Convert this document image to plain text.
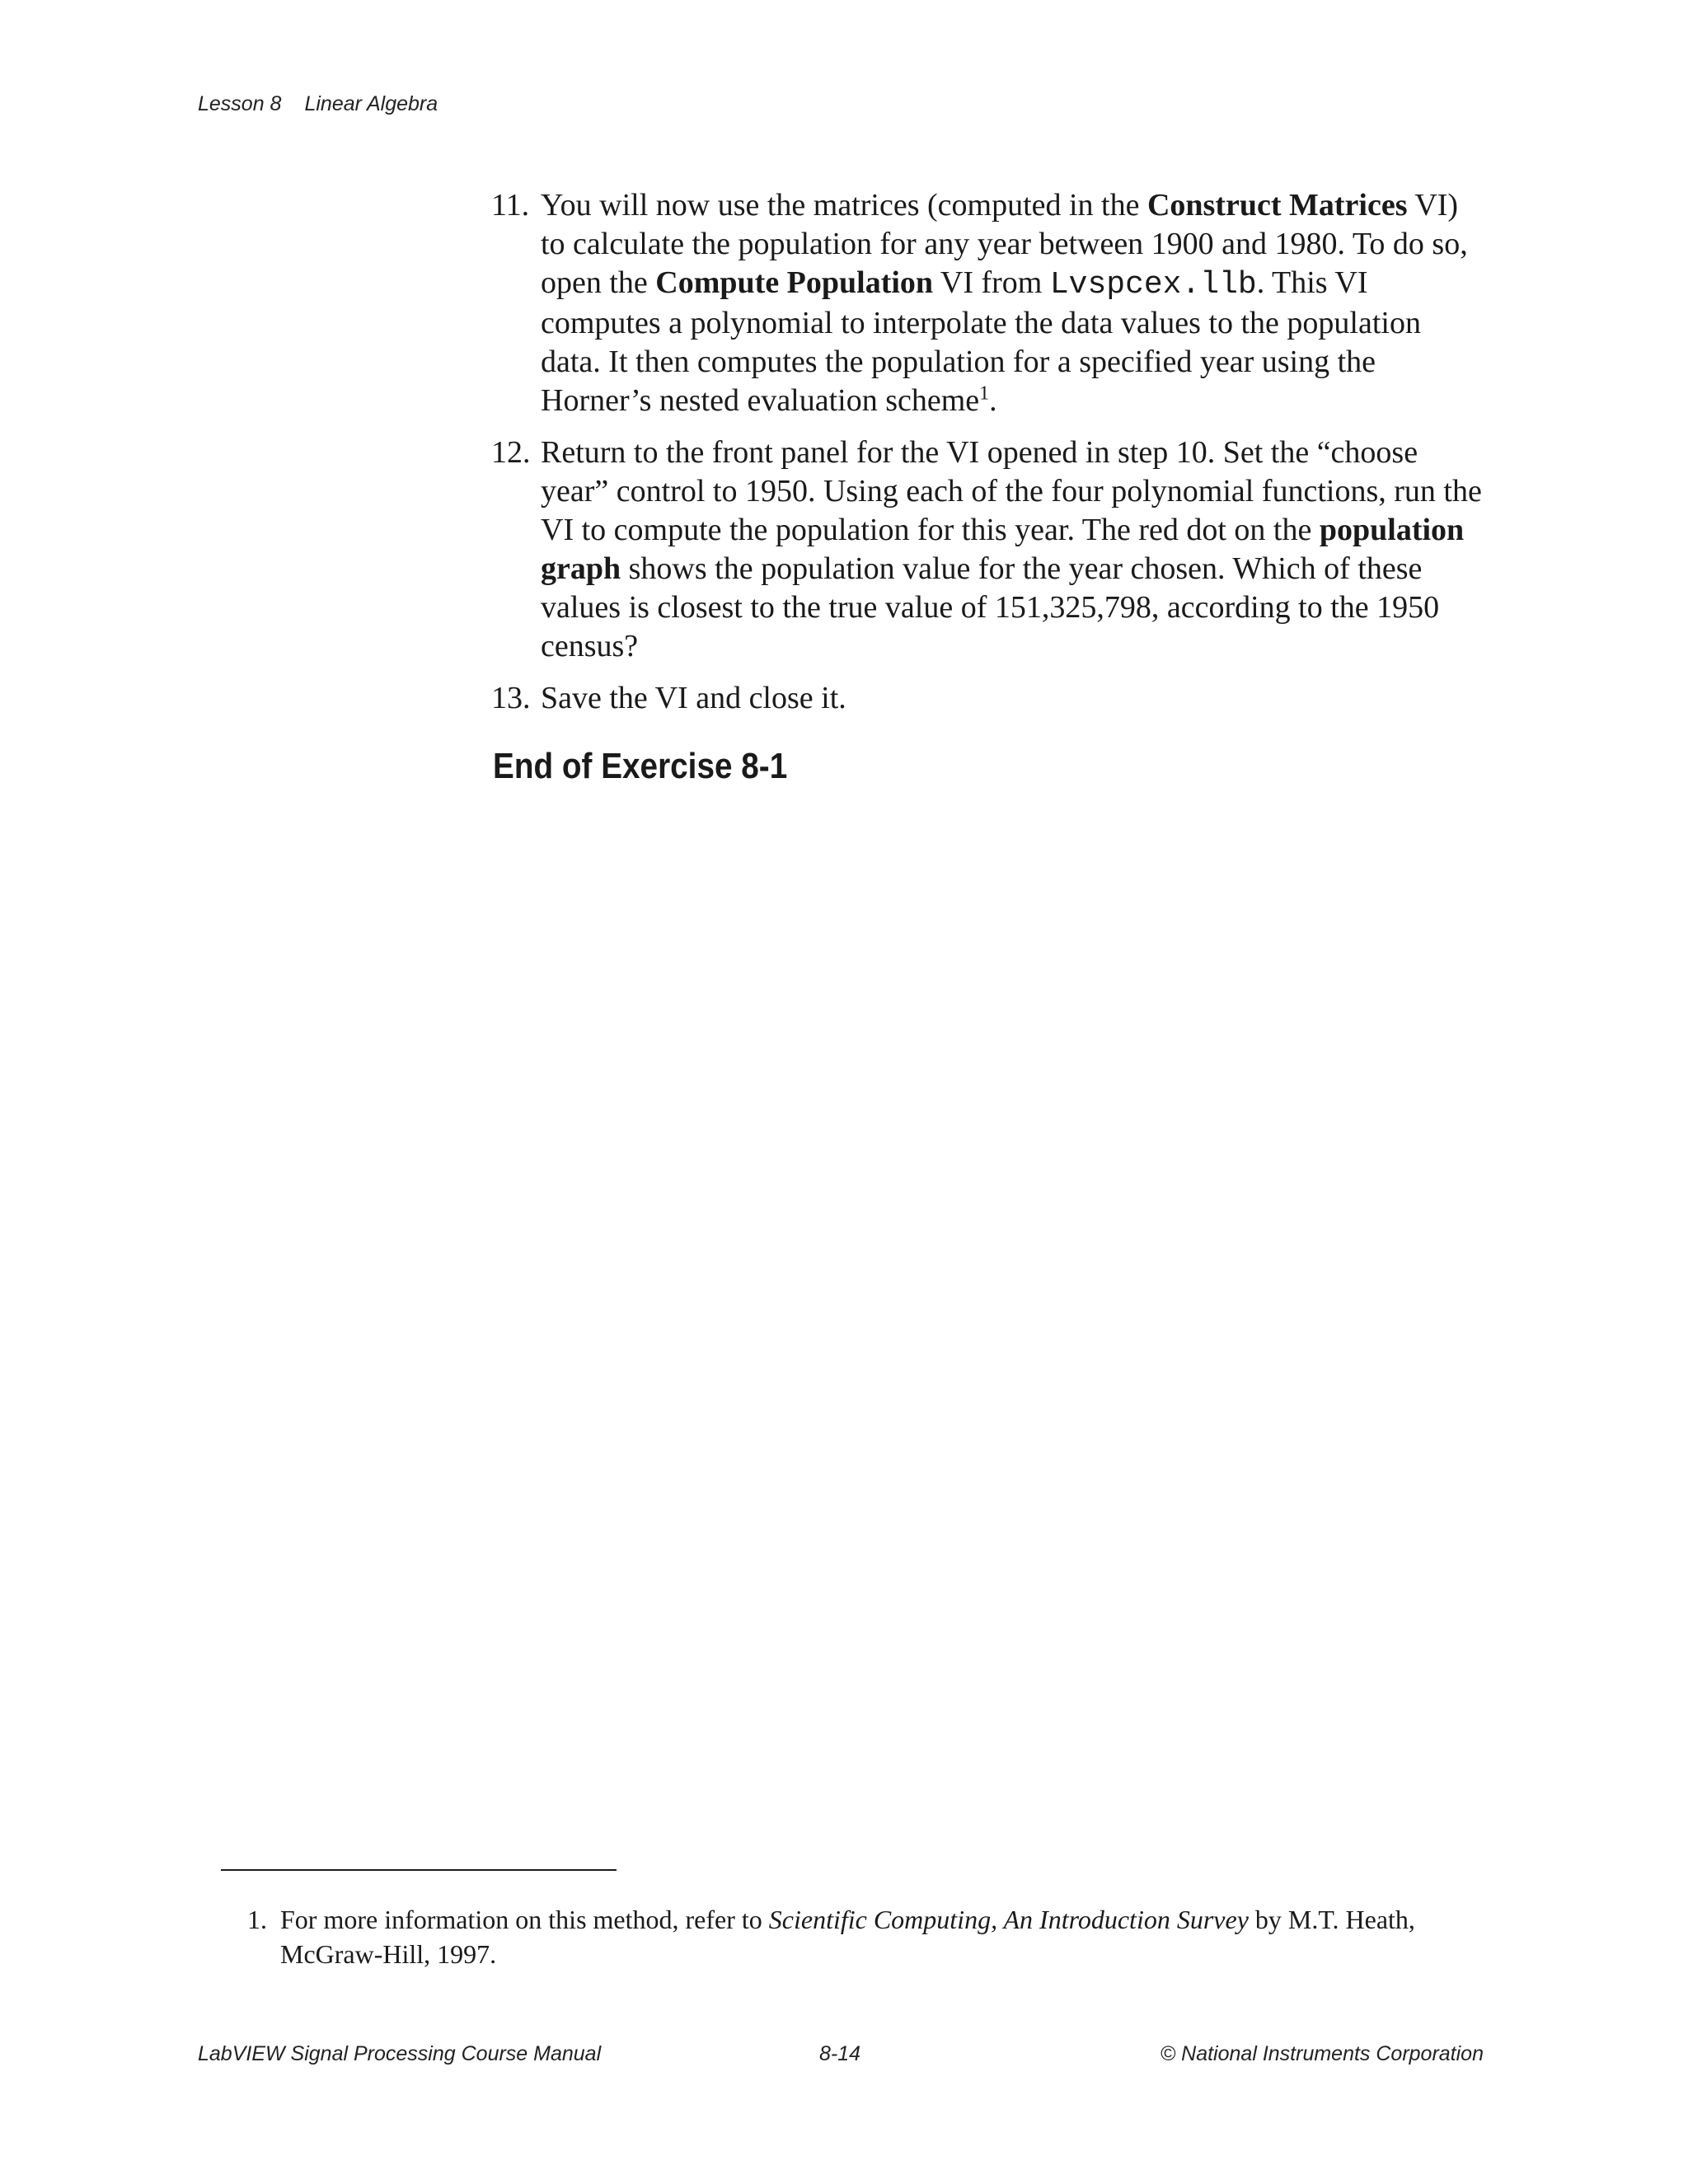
Lesson 8 Linear Algebra
11. You will now use the matrices (computed in the Construct Matrices VI) to calculate the population for any year between 1900 and 1980. To do so, open the Compute Population VI from Lvspcex.llb. This VI computes a polynomial to interpolate the data values to the population data. It then computes the population for a specified year using the Horner’s nested evaluation scheme$^1$.
12. Return to the front panel for the VI opened in step 10. Set the “choose year” control to 1950. Using each of the four polynomial functions, run the VI to compute the population for this year. The red dot on the population graph shows the population value for the year chosen. Which of these values is closest to the true value of 151,325,798, according to the 1950 census?
13. Save the VI and close it.
End of Exercise 8-1
1. For more information on this method, refer to Scientific Computing, An Introduction Survey by M.T. Heath, McGraw-Hill, 1997.
LabVIEW Signal Processing Course Manual	8-14	© National Instruments Corporation
